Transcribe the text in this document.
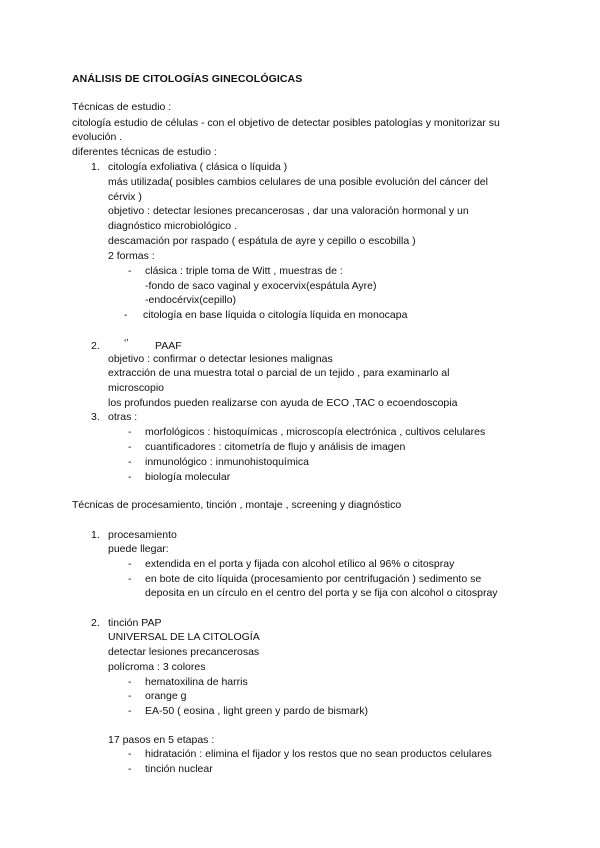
ANÁLISIS DE CITOLOGÍAS GINECOLÓGICAS
Técnicas de estudio :
citología estudio de células - con el objetivo de detectar posibles patologías y monitorizar su
evolución .
diferentes técnicas de estudio :
1. citología exfoliativa ( clásica o líquida )
más utilizada( posibles cambios celulares de una posible evolución del cáncer del
cérvix )
objetivo : detectar lesiones precancerosas , dar una valoración hormonal y un
diagnóstico microbiológico .
descamación por raspado ( espátula de ayre y cepillo o escobilla )
2 formas :
- clásica : triple toma de Witt , muestras de :
-fondo de saco vaginal y exocervix(espátula Ayre)
-endocérvix(cepillo)
- citología en base líquida o citología líquida en monocapa
2. ‘’	PAAF
objetivo : confirmar o detectar lesiones malignas
extracción de una muestra total o parcial de un tejido , para examinarlo al
microscopio
los profundos pueden realizarse con ayuda de ECO ,TAC o ecoendoscopia
3. otras :
- morfológicos : histoquímicas , microscopía electrónica , cultivos celulares
- cuantificadores : citometría de flujo y análisis de imagen
- inmunológico : inmunohistoquímica
- biología molecular
Técnicas de procesamiento, tinción , montaje , screening y diagnóstico
1. procesamiento
puede llegar:
- extendida en el porta y fijada con alcohol etílico al 96% o citospray
- en bote de cito líquida (procesamiento por centrifugación ) sedimento se
deposita en un círculo en el centro del porta y se fija con alcohol o citospray
2. tinción PAP
UNIVERSAL DE LA CITOLOGÍA
detectar lesiones precancerosas
polícroma : 3 colores
- hematoxilina de harris
- orange g
- EA-50 ( eosina , light green y pardo de bismark)
17 pasos en 5 etapas :
- hidratación : elimina el fijador y los restos que no sean productos celulares
- tinción nuclear
